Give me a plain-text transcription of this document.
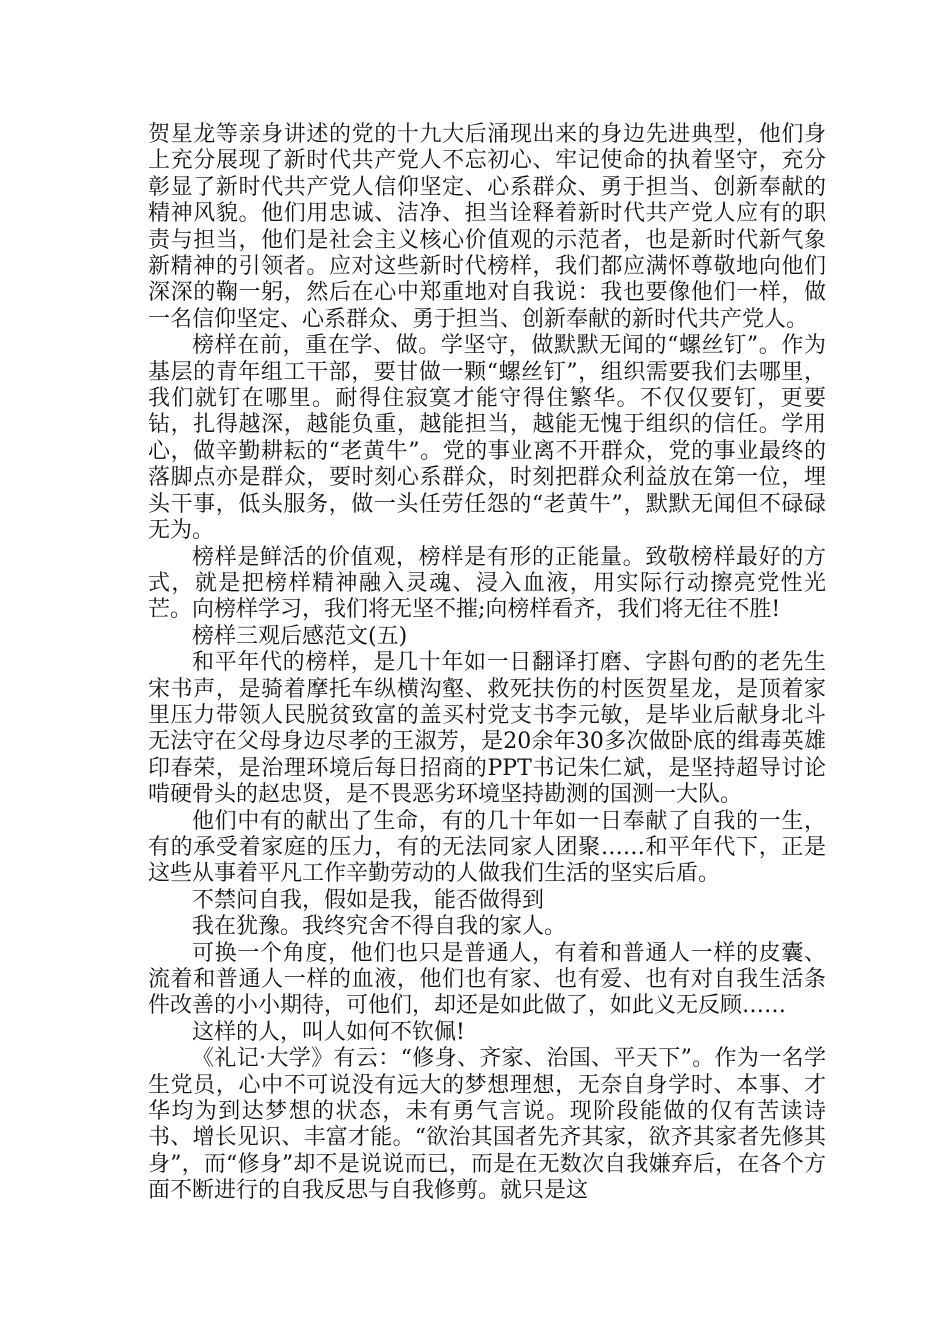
贺星龙等亲身讲述的党的十九大后涌现出来的身边先进典型，他们身上充分展现了新时代共产党人不忘初心、牢记使命的执着坚守，充分彰显了新时代共产党人信仰坚定、心系群众、勇于担当、创新奉献的精神风貌。他们用忠诚、洁净、担当诠释着新时代共产党人应有的职责与担当，他们是社会主义核心价值观的示范者，也是新时代新气象新精神的引领者。应对这些新时代榜样，我们都应满怀尊敬地向他们深深的鞠一躬，然后在心中郑重地对自我说：我也要像他们一样，做一名信仰坚定、心系群众、勇于担当、创新奉献的新时代共产党人。

榜样在前，重在学、做。学坚守，做默默无闻的“螺丝钉”。作为基层的青年组工干部，要甘做一颗“螺丝钉”，组织需要我们去哪里，我们就钉在哪里。耐得住寂寞才能守得住繁华。不仅仅要钉，更要钻，扎得越深，越能负重，越能担当，越能无愧于组织的信任。学用心，做辛勤耕耘的“老黄牛”。党的事业离不开群众，党的事业最终的落脚点亦是群众，要时刻心系群众，时刻把群众利益放在第一位，埋头干事，低头服务，做一头任劳任怨的“老黄牛”，默默无闻但不碌碌无为。

榜样是鲜活的价值观，榜样是有形的正能量。致敬榜样最好的方式，就是把榜样精神融入灵魂、浸入血液，用实际行动擦亮党性光芒。向榜样学习，我们将无坚不摧;向榜样看齐，我们将无往不胜!

榜样三观后感范文(五)

和平年代的榜样，是几十年如一日翻译打磨、字斟句酌的老先生宋书声，是骑着摩托车纵横沟壑、救死扶伤的村医贺星龙，是顶着家里压力带领人民脱贫致富的盖买村党支书李元敏，是毕业后献身北斗无法守在父母身边尽孝的王淑芳，是20余年30多次做卧底的缉毒英雄印春荣，是治理环境后每日招商的PPT书记朱仁斌，是坚持超导讨论啃硬骨头的赵忠贤，是不畏恶劣环境坚持勘测的国测一大队。

他们中有的献出了生命，有的几十年如一日奉献了自我的一生，有的承受着家庭的压力，有的无法同家人团聚……和平年代下，正是这些从事着平凡工作辛勤劳动的人做我们生活的坚实后盾。

不禁问自我，假如是我，能否做得到

我在犹豫。我终究舍不得自我的家人。

可换一个角度，他们也只是普通人，有着和普通人一样的皮囊、流着和普通人一样的血液，他们也有家、也有爱、也有对自我生活条件改善的小小期待，可他们，却还是如此做了，如此义无反顾……

这样的人，叫人如何不钦佩!

《礼记·大学》有云：“修身、齐家、治国、平天下”。作为一名学生党员，心中不可说没有远大的梦想理想，无奈自身学时、本事、才华均为到达梦想的状态，未有勇气言说。现阶段能做的仅有苦读诗书、增长见识、丰富才能。“欲治其国者先齐其家，欲齐其家者先修其身”，而“修身”却不是说说而已，而是在无数次自我嫌弃后，在各个方面不断进行的自我反思与自我修剪。就只是这
